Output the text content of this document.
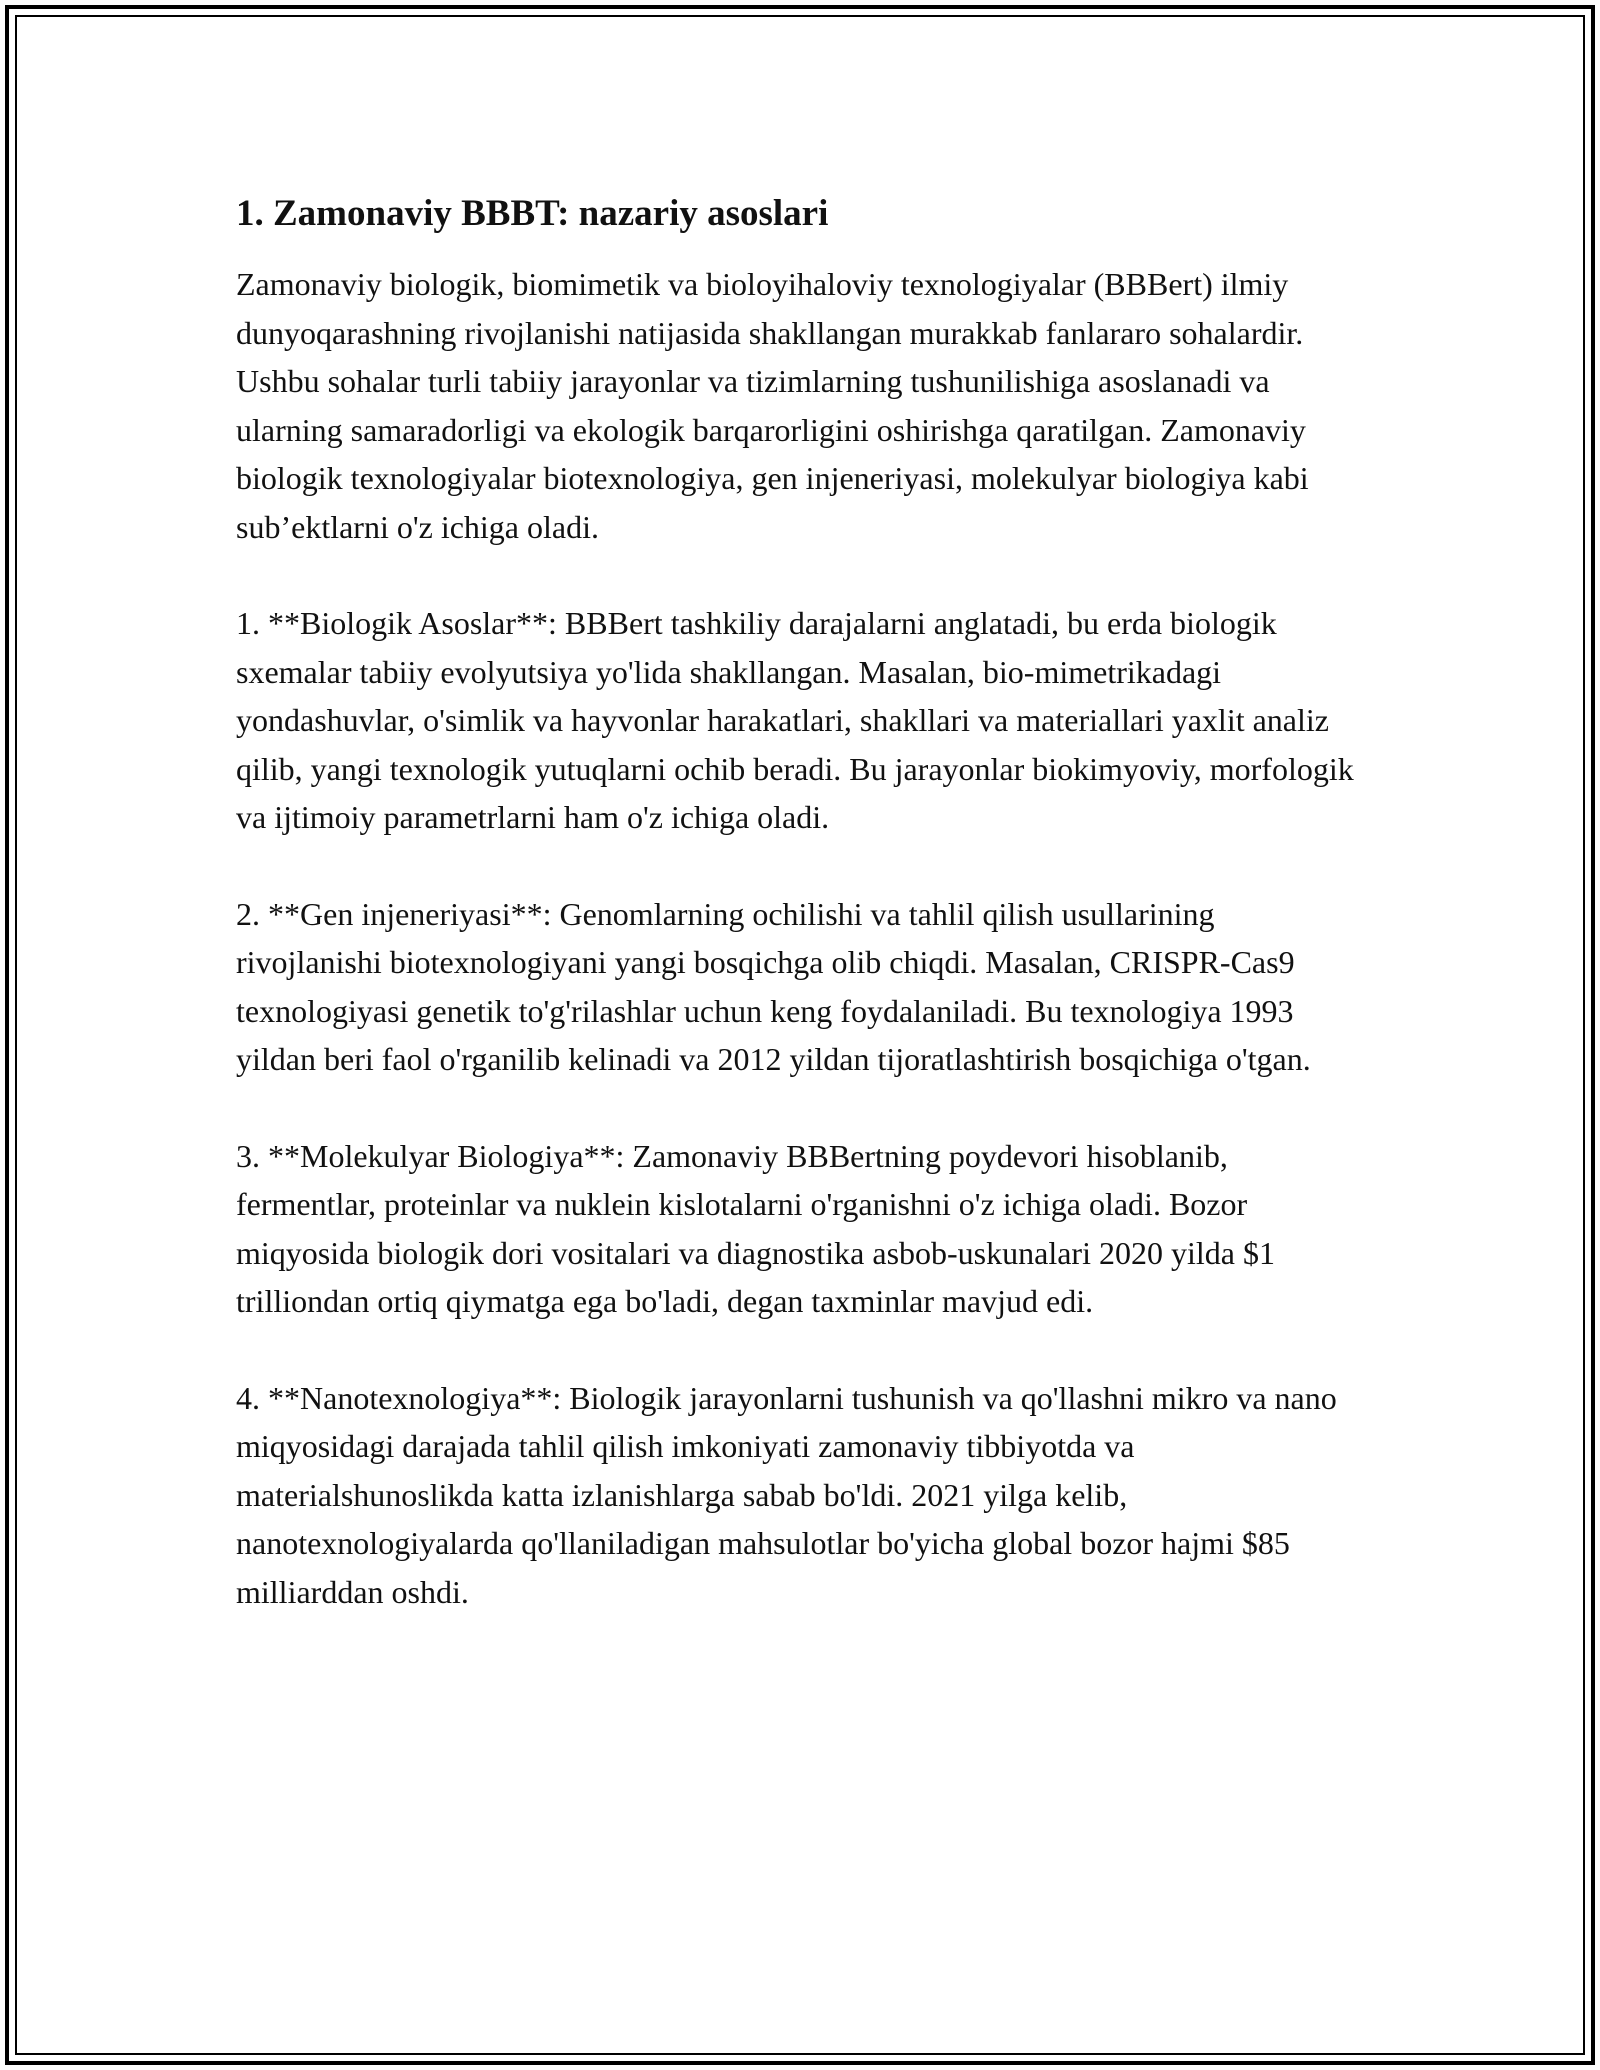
1. Zamonaviy BBBT: nazariy asoslari

Zamonaviy biologik, biomimetik va bioloyihaloviy texnologiyalar (BBBert) ilmiy dunyoqarashning rivojlanishi natijasida shakllangan murakkab fanlararo sohalardir. Ushbu sohalar turli tabiiy jarayonlar va tizimlarning tushunilishiga asoslanadi va ularning samaradorligi va ekologik barqarorligini oshirishga qaratilgan. Zamonaviy biologik texnologiyalar biotexnologiya, gen injeneriyasi, molekulyar biologiya kabi sub’ektlarni o'z ichiga oladi.

1. **Biologik Asoslar**: BBBert tashkiliy darajalarni anglatadi, bu erda biologik sxemalar tabiiy evolyutsiya yo'lida shakllangan. Masalan, bio-mimetrikadagi yondashuvlar, o'simlik va hayvonlar harakatlari, shakllari va materiallari yaxlit analiz qilib, yangi texnologik yutuqlarni ochib beradi. Bu jarayonlar biokimyoviy, morfologik va ijtimoiy parametrlarni ham o'z ichiga oladi.

2. **Gen injeneriyasi**: Genomlarning ochilishi va tahlil qilish usullarining rivojlanishi biotexnologiyani yangi bosqichga olib chiqdi. Masalan, CRISPR-Cas9 texnologiyasi genetik to'g'rilashlar uchun keng foydalaniladi. Bu texnologiya 1993 yildan beri faol o'rganilib kelinadi va 2012 yildan tijoratlashtirish bosqichiga o'tgan.

3. **Molekulyar Biologiya**: Zamonaviy BBBertning poydevori hisoblanib, fermentlar, proteinlar va nuklein kislotalarni o'rganishni o'z ichiga oladi. Bozor miqyosida biologik dori vositalari va diagnostika asbob-uskunalari 2020 yilda $1 trilliondan ortiq qiymatga ega bo'ladi, degan taxminlar mavjud edi.

4. **Nanotexnologiya**: Biologik jarayonlarni tushunish va qo'llashni mikro va nano miqyosidagi darajada tahlil qilish imkoniyati zamonaviy tibbiyotda va materialshunoslikda katta izlanishlarga sabab bo'ldi. 2021 yilga kelib, nanotexnologiyalarda qo'llaniladigan mahsulotlar bo'yicha global bozor hajmi $85 milliarddan oshdi.
